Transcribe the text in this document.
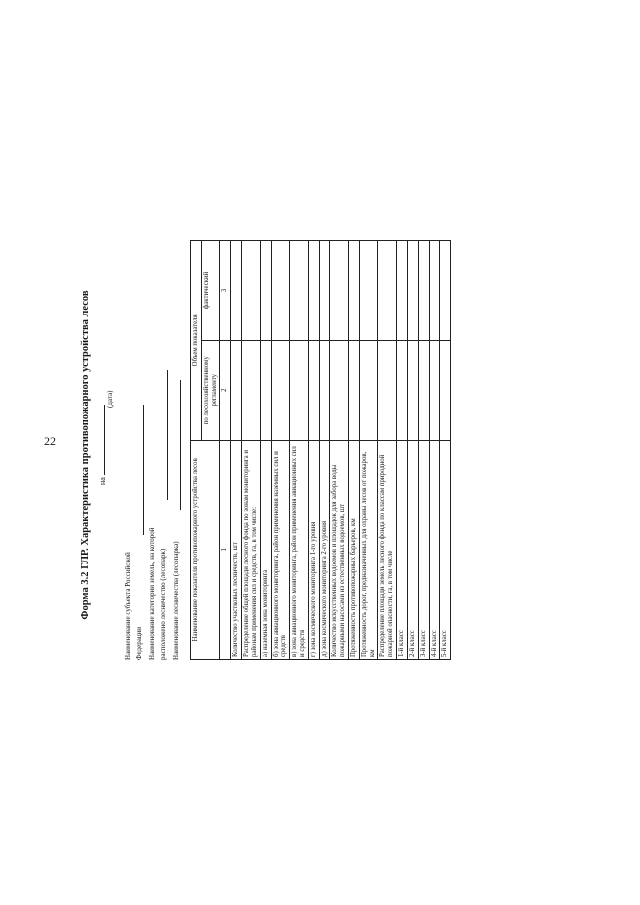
22	Форма 3.2 ГЛР. Характеристика противопожарного устройства лесов на
(дата)
Наименование субъекта Российской Федерации Наименование категории земель, на которой расположено лесничество (лесопарк) Наименование лесничества (лесопарка) Наименование показателя противопожарного устройства лесов	Объем показателя	
	по лесохозяйственному регламенту	фактический
1	2	3
Количество участковых лесничеств, шт		
Распределение общей площади лесного фонда по зонам мониторинга и районам применения сил и средств, га, в том числе:		
а) наземная зона мониторинга		
б) зона авиационного мониторинга, район применения наземных сил и средств		
в) зона авиационного мониторинга, район применения авиационных сил и средств		
г) зона космического мониторинга 1-го уровня		
д) зона космического мониторинга 2-го уровня		
Количество искусственных водоемов и площадок для забора воды пожарными насосами из естественных водоемов, шт		
Протяженность противопожарных барьеров, км		
Протяженность дорог, предназначенных для охраны лесов от пожаров, км		
Распределение площади земель лесного фонда по классам природной пожарной опасности, га, в том числе		
1-й класс		
2-й класс		
3-й класс		
4-й класс		
5-й класс		
